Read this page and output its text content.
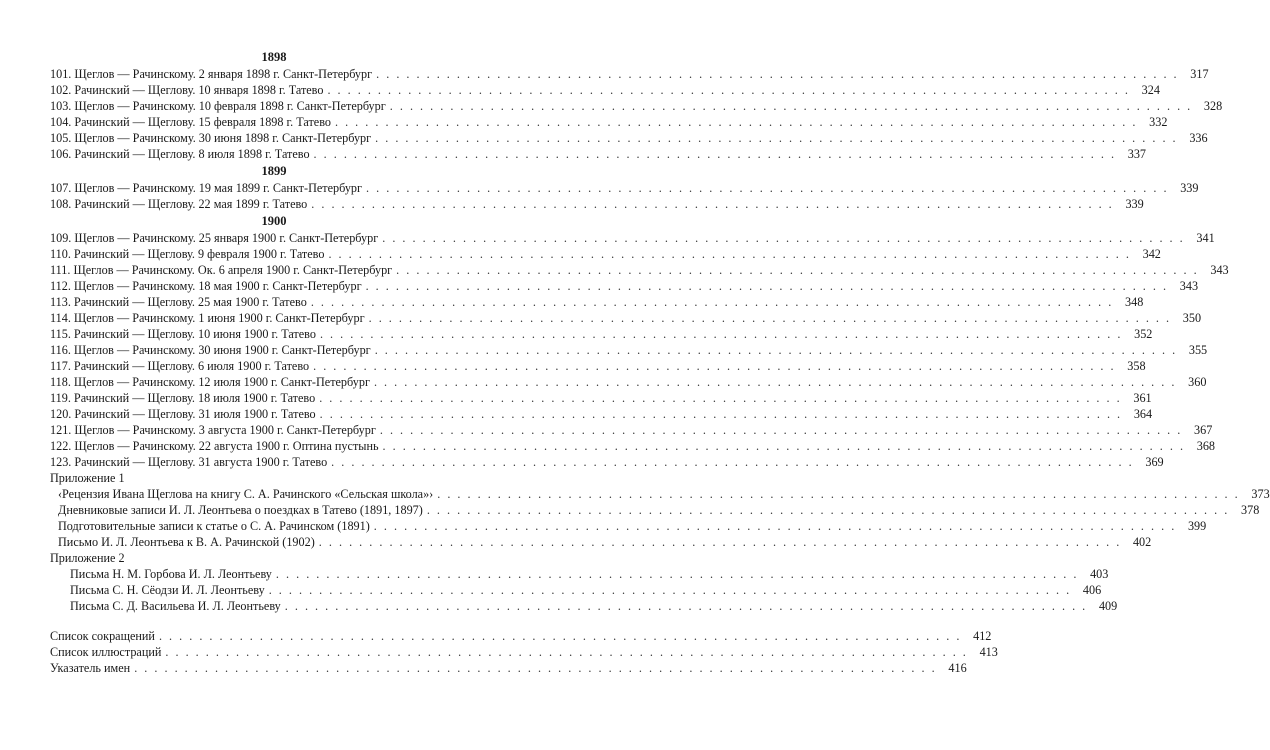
1898
101. Щеглов — Рачинскому. 2 января 1898 г. Санкт-Петербург . . . . . . . . . . . . . . . . . . . . . . . . . . . . . . . . . . . . . . . . . . . . . . . . . . . . . . . . . . . . . . . . . . . . . . . . . . . . . . . . 317
102. Рачинский — Щеглову. 10 января 1898 г. Татево . . . . . . . . . . . . . . . . . . . . . . . . . . . . . . . . . . . . . . . . . . . . . . . . . . . . . . . . . . . . . . . . . . . . . . . . . . . . . . . . 324
103. Щеглов — Рачинскому. 10 февраля 1898 г. Санкт-Петербург . . . . . . . . . . . . . . . . . . . . . . . . . . . . . . . . . . . . . . . . . . . . . . . . . . . . . . . . . . . . . . . . . . . . . . . . . . . . . . . . 328
104. Рачинский — Щеглову. 15 февраля 1898 г. Татево . . . . . . . . . . . . . . . . . . . . . . . . . . . . . . . . . . . . . . . . . . . . . . . . . . . . . . . . . . . . . . . . . . . . . . . . . . . . . . . . 332
105. Щеглов — Рачинскому. 30 июня 1898 г. Санкт-Петербург . . . . . . . . . . . . . . . . . . . . . . . . . . . . . . . . . . . . . . . . . . . . . . . . . . . . . . . . . . . . . . . . . . . . . . . . . . . . . . . . 336
106. Рачинский — Щеглову. 8 июля 1898 г. Татево . . . . . . . . . . . . . . . . . . . . . . . . . . . . . . . . . . . . . . . . . . . . . . . . . . . . . . . . . . . . . . . . . . . . . . . . . . . . . . . . 337
1899
107. Щеглов — Рачинскому. 19 мая 1899 г. Санкт-Петербург . . . . . . . . . . . . . . . . . . . . . . . . . . . . . . . . . . . . . . . . . . . . . . . . . . . . . . . . . . . . . . . . . . . . . . . . . . . . . . . . 339
108. Рачинский — Щеглову. 22 мая 1899 г. Татево . . . . . . . . . . . . . . . . . . . . . . . . . . . . . . . . . . . . . . . . . . . . . . . . . . . . . . . . . . . . . . . . . . . . . . . . . . . . . . . . 339
1900
109. Щеглов — Рачинскому. 25 января 1900 г. Санкт-Петербург . . . . . . . . . . . . . . . . . . . . . . . . . . . . . . . . . . . . . . . . . . . . . . . . . . . . . . . . . . . . . . . . . . . . . . . . . . . . . . . . 341
110. Рачинский — Щеглову. 9 февраля 1900 г. Татево . . . . . . . . . . . . . . . . . . . . . . . . . . . . . . . . . . . . . . . . . . . . . . . . . . . . . . . . . . . . . . . . . . . . . . . . . . . . . . . . 342
111. Щеглов — Рачинскому. Ок. 6 апреля 1900 г. Санкт-Петербург . . . . . . . . . . . . . . . . . . . . . . . . . . . . . . . . . . . . . . . . . . . . . . . . . . . . . . . . . . . . . . . . . . . . . . . . . . . . . . . . 343
112. Щеглов — Рачинскому. 18 мая 1900 г. Санкт-Петербург . . . . . . . . . . . . . . . . . . . . . . . . . . . . . . . . . . . . . . . . . . . . . . . . . . . . . . . . . . . . . . . . . . . . . . . . . . . . . . . . 343
113. Рачинский — Щеглову. 25 мая 1900 г. Татево . . . . . . . . . . . . . . . . . . . . . . . . . . . . . . . . . . . . . . . . . . . . . . . . . . . . . . . . . . . . . . . . . . . . . . . . . . . . . . . . 348
114. Щеглов — Рачинскому. 1 июня 1900 г. Санкт-Петербург . . . . . . . . . . . . . . . . . . . . . . . . . . . . . . . . . . . . . . . . . . . . . . . . . . . . . . . . . . . . . . . . . . . . . . . . . . . . . . . . 350
115. Рачинский — Щеглову. 10 июня 1900 г. Татево . . . . . . . . . . . . . . . . . . . . . . . . . . . . . . . . . . . . . . . . . . . . . . . . . . . . . . . . . . . . . . . . . . . . . . . . . . . . . . . . 352
116. Щеглов — Рачинскому. 30 июня 1900 г. Санкт-Петербург . . . . . . . . . . . . . . . . . . . . . . . . . . . . . . . . . . . . . . . . . . . . . . . . . . . . . . . . . . . . . . . . . . . . . . . . . . . . . . . . 355
117. Рачинский — Щеглову. 6 июля 1900 г. Татево . . . . . . . . . . . . . . . . . . . . . . . . . . . . . . . . . . . . . . . . . . . . . . . . . . . . . . . . . . . . . . . . . . . . . . . . . . . . . . . . 358
118. Щеглов — Рачинскому. 12 июля 1900 г. Санкт-Петербург . . . . . . . . . . . . . . . . . . . . . . . . . . . . . . . . . . . . . . . . . . . . . . . . . . . . . . . . . . . . . . . . . . . . . . . . . . . . . . . . 360
119. Рачинский — Щеглову. 18 июля 1900 г. Татево . . . . . . . . . . . . . . . . . . . . . . . . . . . . . . . . . . . . . . . . . . . . . . . . . . . . . . . . . . . . . . . . . . . . . . . . . . . . . . . . 361
120. Рачинский — Щеглову. 31 июля 1900 г. Татево . . . . . . . . . . . . . . . . . . . . . . . . . . . . . . . . . . . . . . . . . . . . . . . . . . . . . . . . . . . . . . . . . . . . . . . . . . . . . . . . 364
121. Щеглов — Рачинскому. 3 августа 1900 г. Санкт-Петербург . . . . . . . . . . . . . . . . . . . . . . . . . . . . . . . . . . . . . . . . . . . . . . . . . . . . . . . . . . . . . . . . . . . . . . . . . . . . . . . . 367
122. Щеглов — Рачинскому. 22 августа 1900 г. Оптина пустынь . . . . . . . . . . . . . . . . . . . . . . . . . . . . . . . . . . . . . . . . . . . . . . . . . . . . . . . . . . . . . . . . . . . . . . . . . . . . . . . . 368
123. Рачинский — Щеглову. 31 августа 1900 г. Татево . . . . . . . . . . . . . . . . . . . . . . . . . . . . . . . . . . . . . . . . . . . . . . . . . . . . . . . . . . . . . . . . . . . . . . . . . . . . . . . . 369
Приложение 1
‹Рецензия Ивана Щеглова на книгу С. А. Рачинского «Сельская школа»› . . . . . . . . . . . . . . . . . . . . . . . . . . . . . . . . . . . . . . . . . . . . . . . . . . . . . . . . . . . . . . . . . . . . . . . . . . . . . . . . 373
Дневниковые записи И. Л. Леонтьева о поездках в Татево (1891, 1897) . . . . . . . . . . . . . . . . . . . . . . . . . . . . . . . . . . . . . . . . . . . . . . . . . . . . . . . . . . . . . . . . . . . . . . . . . . . . . . . . 378
Подготовительные записи к статье о С. А. Рачинском (1891) . . . . . . . . . . . . . . . . . . . . . . . . . . . . . . . . . . . . . . . . . . . . . . . . . . . . . . . . . . . . . . . . . . . . . . . . . . . . . . . . 399
Письмо И. Л. Леонтьева к В. А. Рачинской (1902) . . . . . . . . . . . . . . . . . . . . . . . . . . . . . . . . . . . . . . . . . . . . . . . . . . . . . . . . . . . . . . . . . . . . . . . . . . . . . . . . 402
Приложение 2
Письма Н. М. Горбова И. Л. Леонтьеву . . . . . . . . . . . . . . . . . . . . . . . . . . . . . . . . . . . . . . . . . . . . . . . . . . . . . . . . . . . . . . . . . . . . . . . . . . . . . . . . 403
Письма С. Н. Сёодзи И. Л. Леонтьеву . . . . . . . . . . . . . . . . . . . . . . . . . . . . . . . . . . . . . . . . . . . . . . . . . . . . . . . . . . . . . . . . . . . . . . . . . . . . . . . . 406
Письма С. Д. Васильева И. Л. Леонтьеву . . . . . . . . . . . . . . . . . . . . . . . . . . . . . . . . . . . . . . . . . . . . . . . . . . . . . . . . . . . . . . . . . . . . . . . . . . . . . . . . 409
Список сокращений . . . . . . . . . . . . . . . . . . . . . . . . . . . . . . . . . . . . . . . . . . . . . . . . . . . . . . . . . . . . . . . . . . . . . . . . . . . . . . . . 412
Список иллюстраций . . . . . . . . . . . . . . . . . . . . . . . . . . . . . . . . . . . . . . . . . . . . . . . . . . . . . . . . . . . . . . . . . . . . . . . . . . . . . . . . 413
Указатель имен . . . . . . . . . . . . . . . . . . . . . . . . . . . . . . . . . . . . . . . . . . . . . . . . . . . . . . . . . . . . . . . . . . . . . . . . . . . . . . . . 416
